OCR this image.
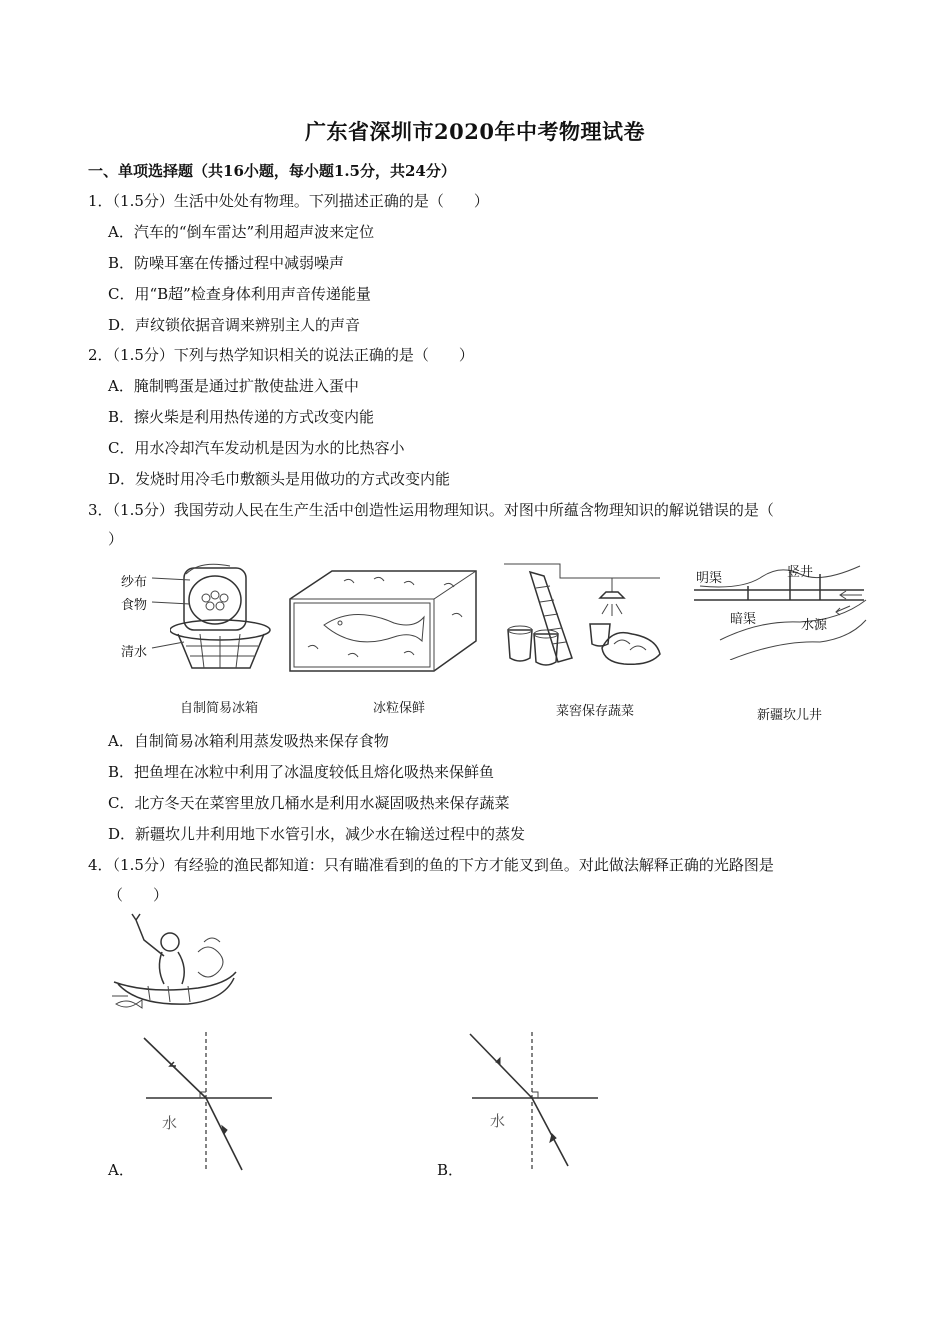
广东省深圳市2020年中考物理试卷
一、单项选择题（共16小题，每小题1.5分，共24分）
1．（1.5分）生活中处处有物理。下列描述正确的是（　　）
A．汽车的“倒车雷达”利用超声波来定位
B．防噪耳塞在传播过程中减弱噪声
C．用“B超”检查身体利用声音传递能量
D．声纹锁依据音调来辨别主人的声音
2．（1.5分）下列与热学知识相关的说法正确的是（　　）
A．腌制鸭蛋是通过扩散使盐进入蛋中
B．擦火柴是利用热传递的方式改变内能
C．用水冷却汽车发动机是因为水的比热容小
D．发烧时用冷毛巾敷额头是用做功的方式改变内能
3．（1.5分）我国劳动人民在生产生活中创造性运用物理知识。对图中所蕴含物理知识的解说错误的是（
）
纱布
食物
清水
明渠	竖井
暗渠	水源
自制简易冰箱	冰粒保鲜	菜窖保存蔬菜	新疆坎儿井
A．自制简易冰箱利用蒸发吸热来保存食物
B．把鱼埋在冰粒中利用了冰温度较低且熔化吸热来保鲜鱼
C．北方冬天在菜窖里放几桶水是利用水凝固吸热来保存蔬菜
D．新疆坎儿井利用地下水管引水，减少水在输送过程中的蒸发
4．（1.5分）有经验的渔民都知道：只有瞄准看到的鱼的下方才能叉到鱼。对此做法解释正确的光路图是
（　　）
水
A．
水
B．
